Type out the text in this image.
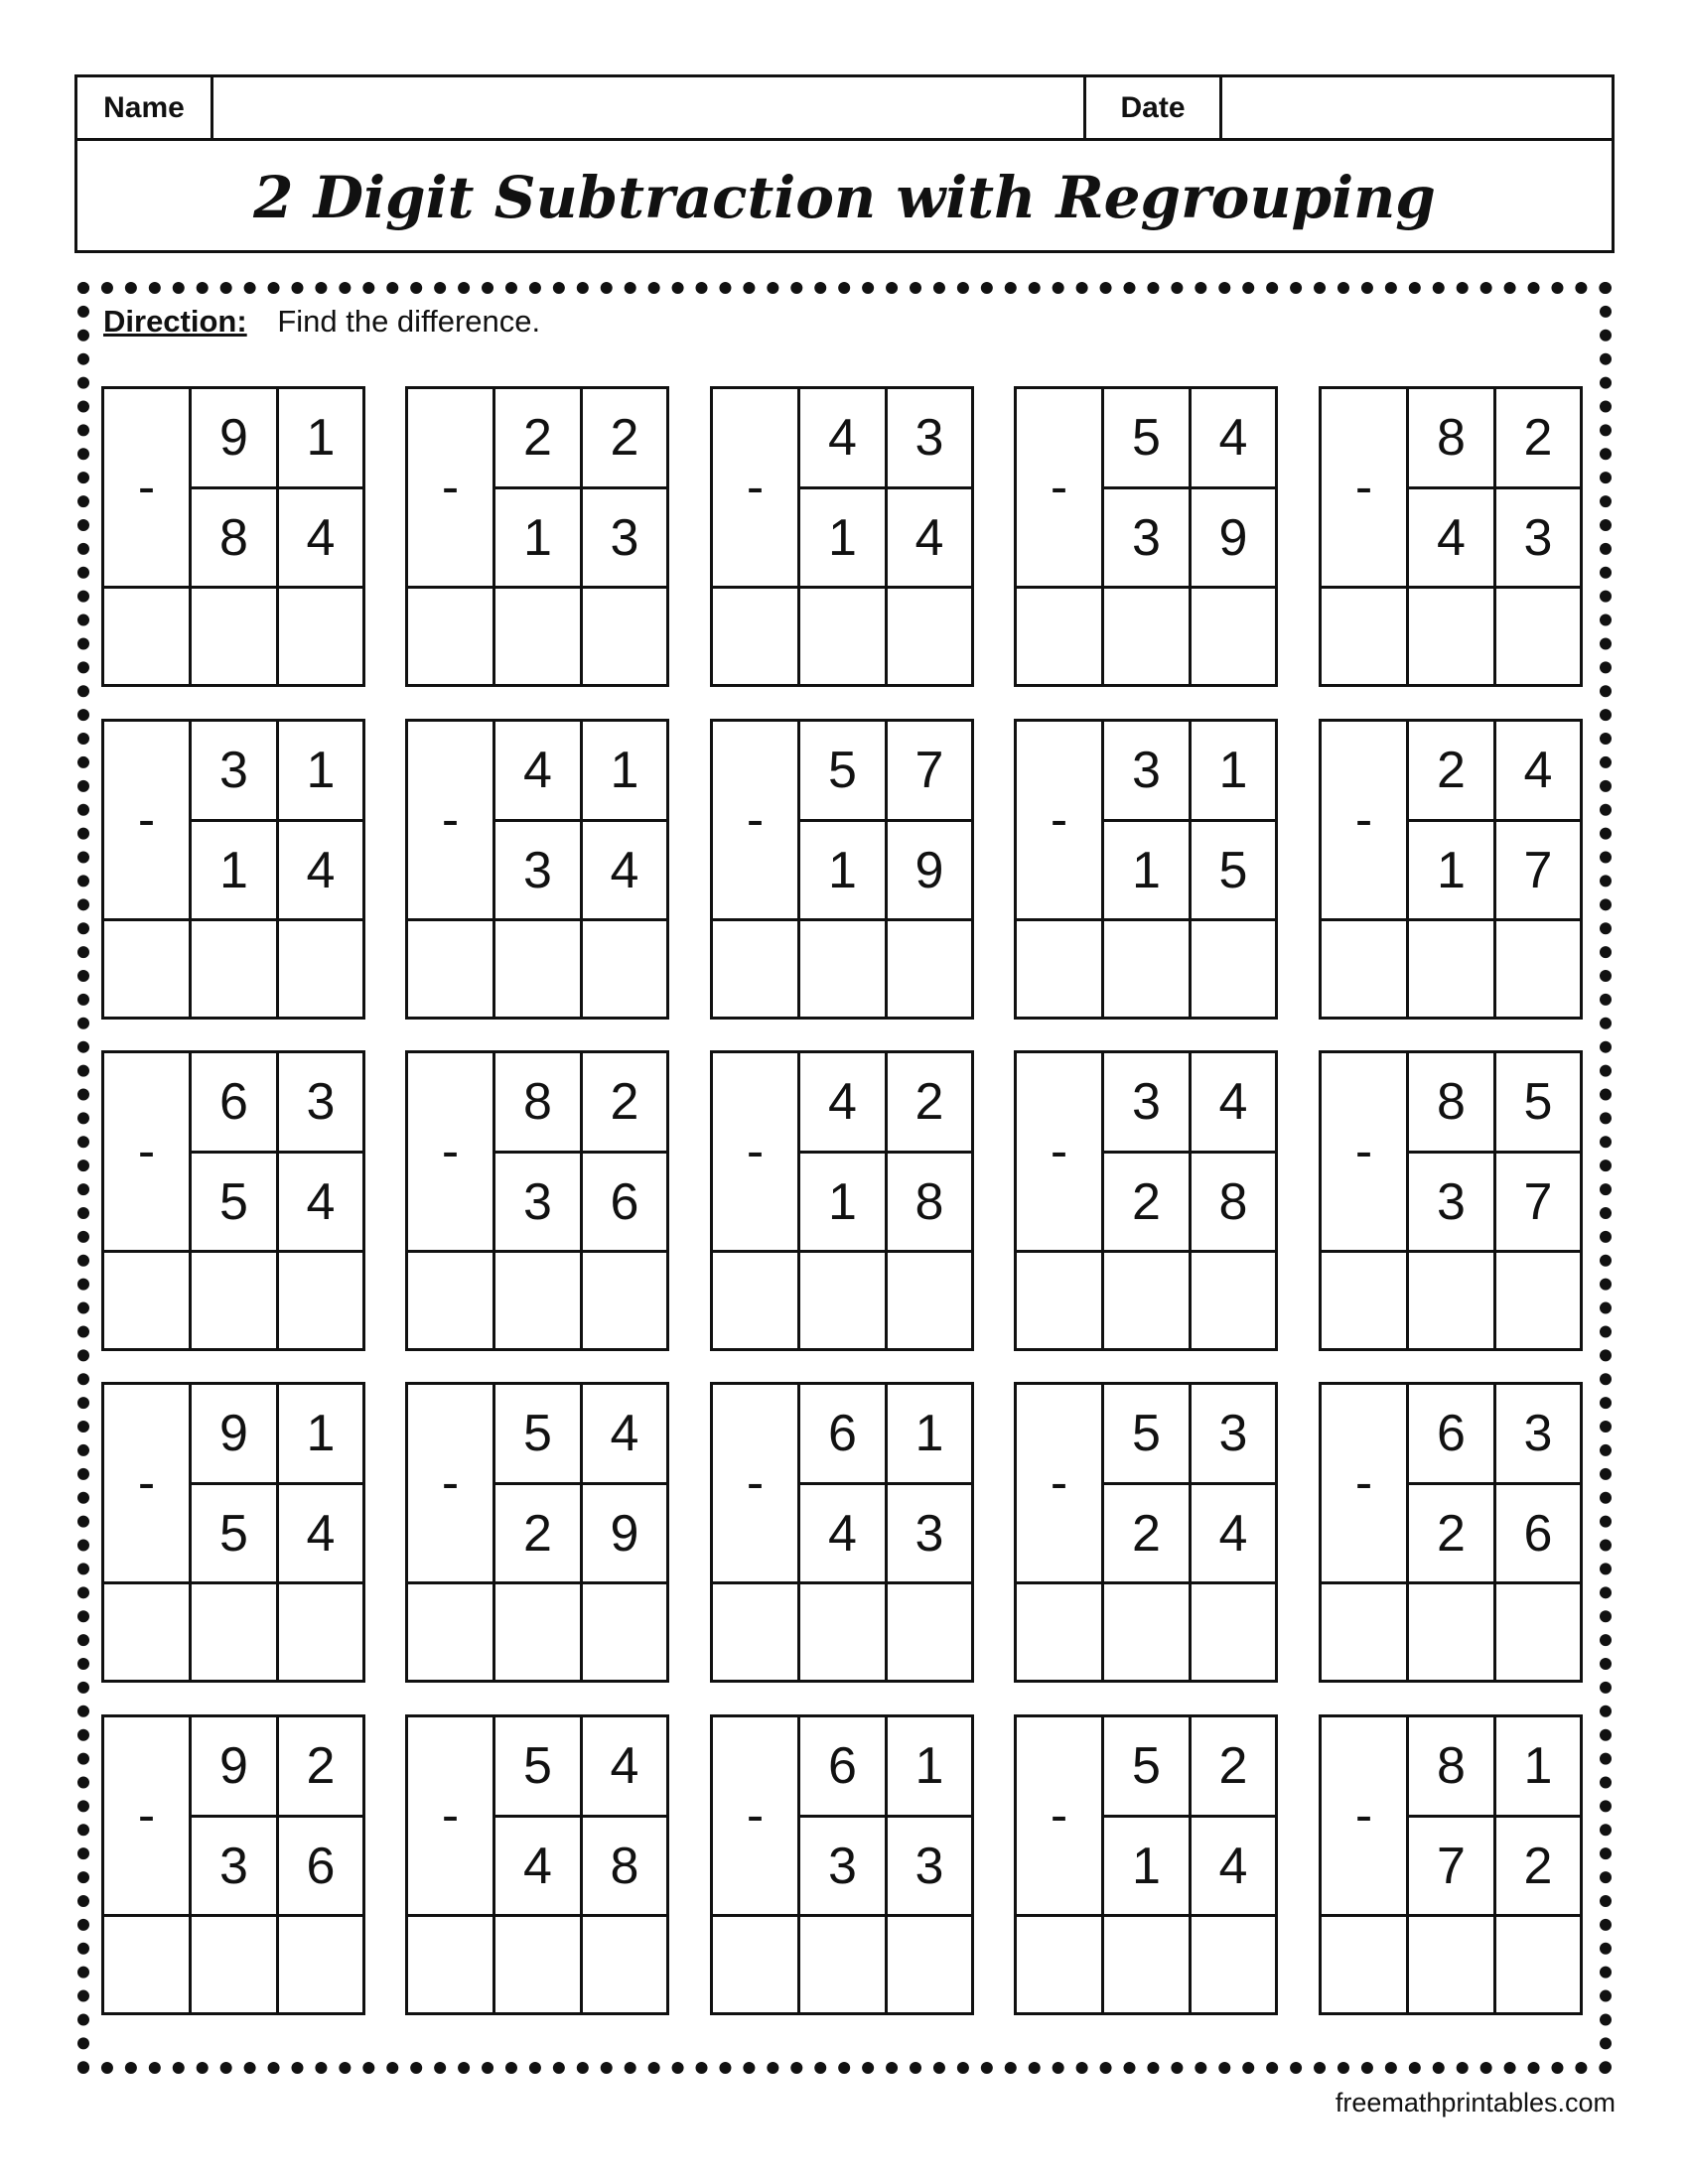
Name	Date
2 Digit Subtraction with Regrouping
Direction: Find the difference.
-
9	1
8	4
-
2	2
1	3
-
4	3
1	4
-
5	4
3	9
-
8	2
4	3
-
3	1
1	4
-
4	1
3	4
-
5	7
1	9
-
3	1
1	5
-
2	4
1	7
-
6	3
5	4
-
8	2
3	6
-
4	2
1	8
-
3	4
2	8
-
8	5
3	7
-
9	1
5	4
-
5	4
2	9
-
6	1
4	3
-
5	3
2	4
-
6	3
2	6
-
9	2
3	6
-
5	4
4	8
-
6	1
3	3
-
5	2
1	4
-
8	1
7	2
freemathprintables.com
